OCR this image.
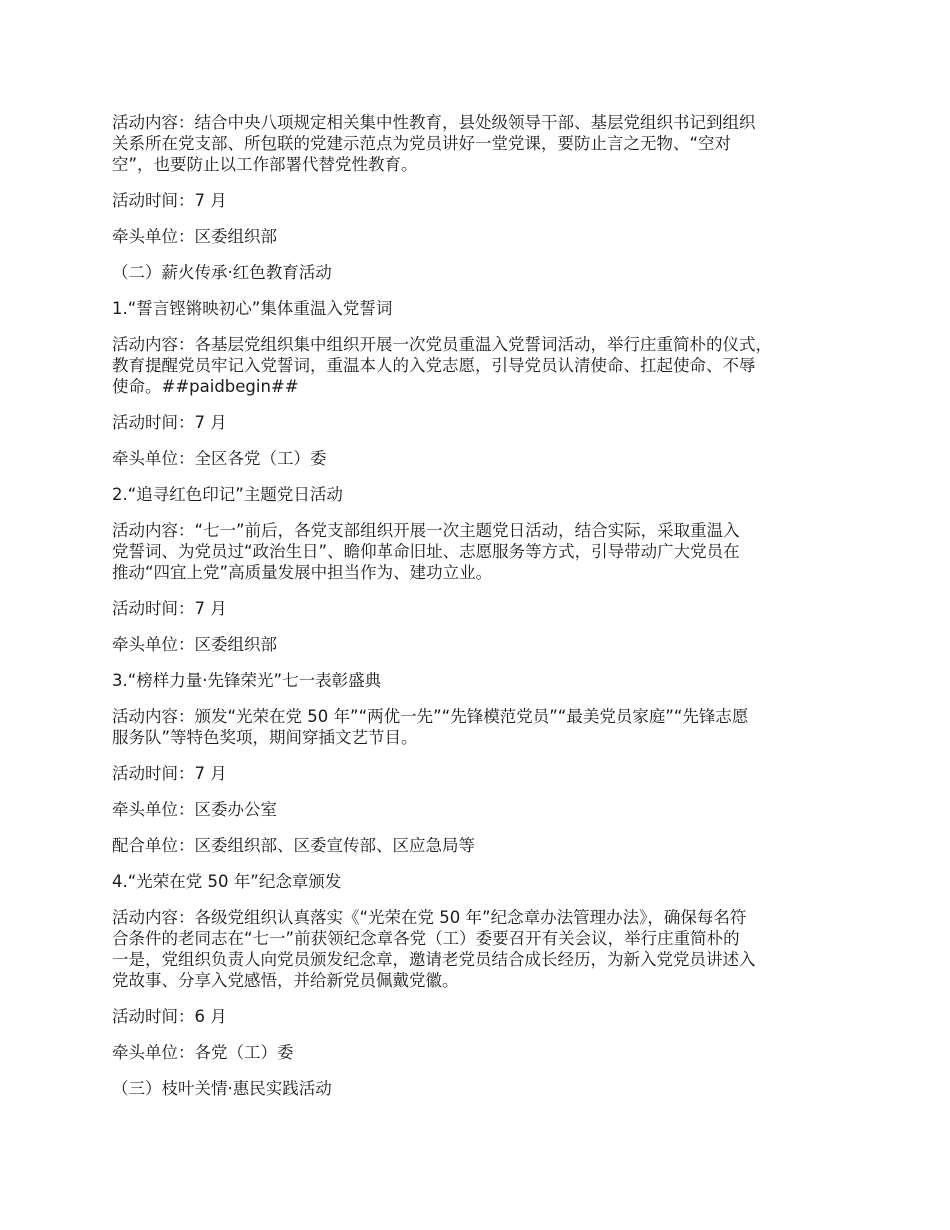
活动内容：结合中央八项规定相关集中性教育，县处级领导干部、基层党组织书记到组织
关系所在党支部、所包联的党建示范点为党员讲好一堂党课，要防止言之无物、“空对
空”，也要防止以工作部署代替党性教育。

活动时间：7 月

牵头单位：区委组织部

（二）薪火传承·红色教育活动

1.“誓言铿锵映初心”集体重温入党誓词

活动内容：各基层党组织集中组织开展一次党员重温入党誓词活动，举行庄重简朴的仪式，
教育提醒党员牢记入党誓词，重温本人的入党志愿，引导党员认清使命、扛起使命、不辱
使命。##paidbegin##

活动时间：7 月

牵头单位：全区各党（工）委

2.“追寻红色印记”主题党日活动

活动内容：“七一”前后，各党支部组织开展一次主题党日活动，结合实际，采取重温入
党誓词、为党员过“政治生日”、瞻仰革命旧址、志愿服务等方式，引导带动广大党员在
推动“四宜上党”高质量发展中担当作为、建功立业。

活动时间：7 月

牵头单位：区委组织部

3.“榜样力量·先锋荣光”七一表彰盛典

活动内容：颁发“光荣在党 50 年”“两优一先”“先锋模范党员”“最美党员家庭”“先锋志愿
服务队”等特色奖项，期间穿插文艺节目。

活动时间：7 月

牵头单位：区委办公室

配合单位：区委组织部、区委宣传部、区应急局等

4.“光荣在党 50 年”纪念章颁发

活动内容：各级党组织认真落实《“光荣在党 50 年”纪念章办法管理办法》，确保每名符
合条件的老同志在“七一”前获领纪念章各党（工）委要召开有关会议，举行庄重简朴的
一是，党组织负责人向党员颁发纪念章，邀请老党员结合成长经历，为新入党党员讲述入
党故事、分享入党感悟，并给新党员佩戴党徽。

活动时间：6 月

牵头单位：各党（工）委

（三）枝叶关情·惠民实践活动
